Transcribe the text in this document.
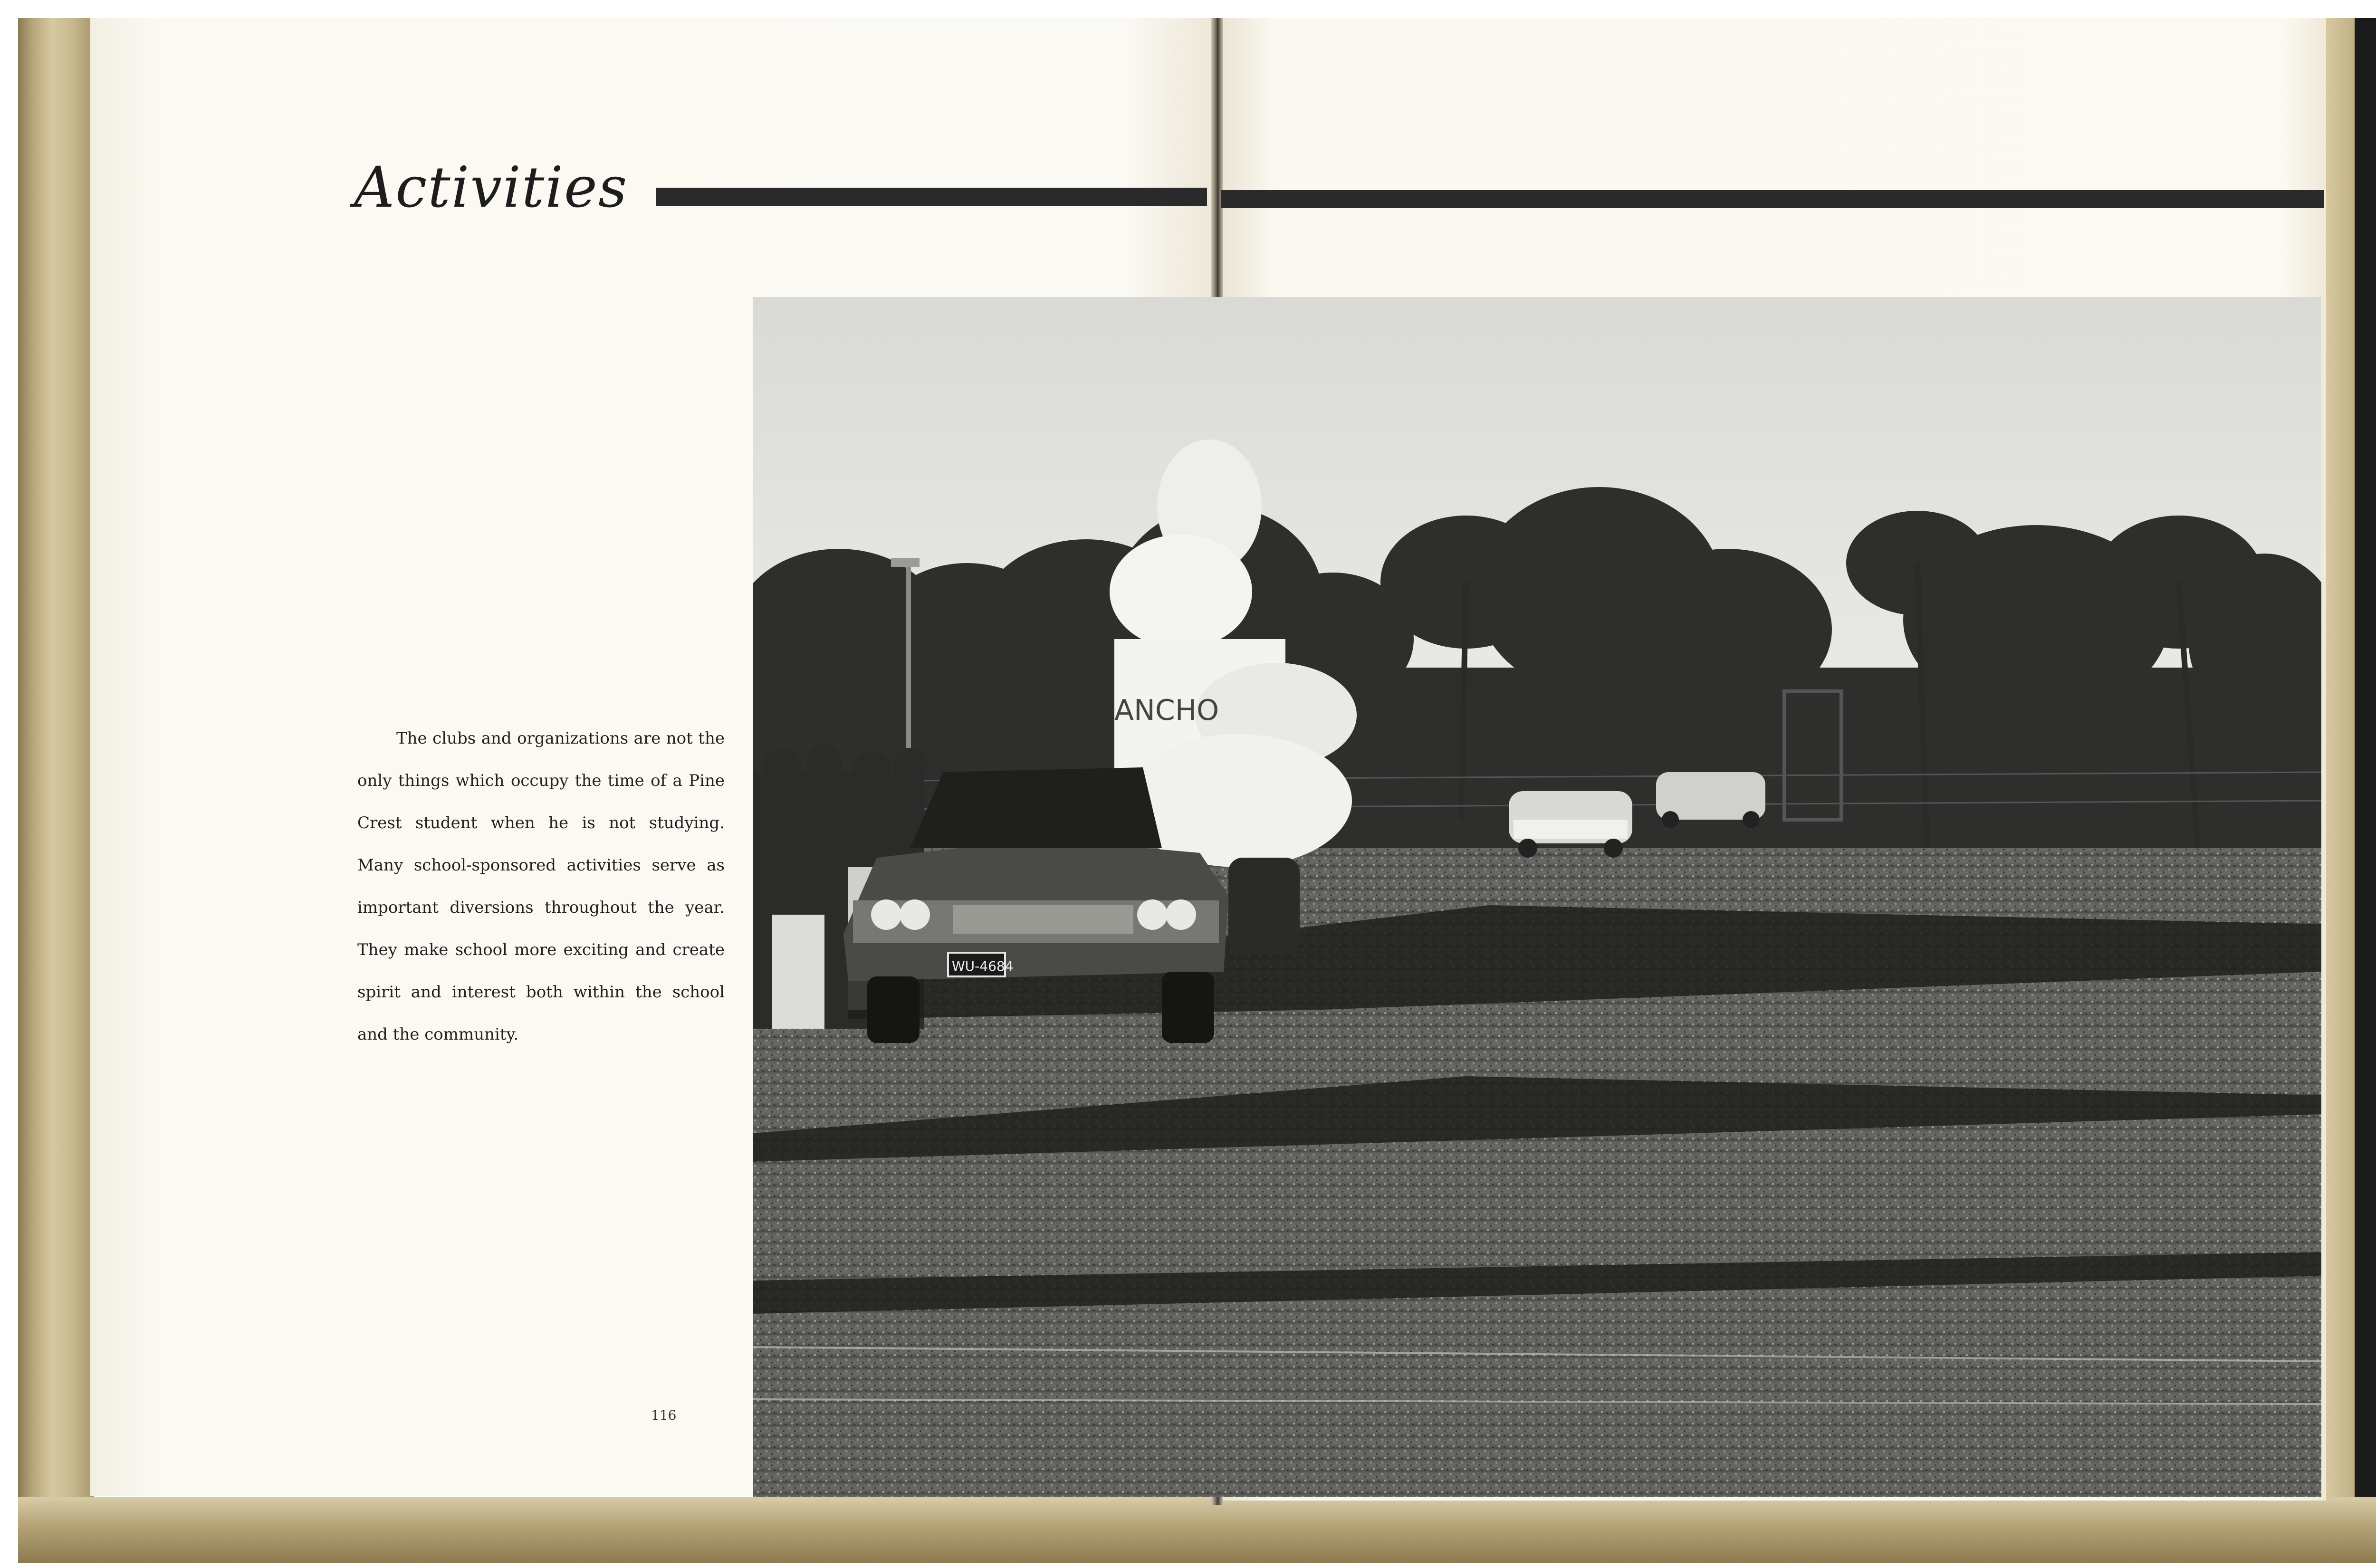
Activities

The clubs and organizations are not the only things which occupy the time of a Pine Crest student when he is not studying. Many school-sponsored activities serve as important diversions throughout the year. They make school more exciting and create spirit and interest both within the school and the community.

116
ANCHO
WU-4684
